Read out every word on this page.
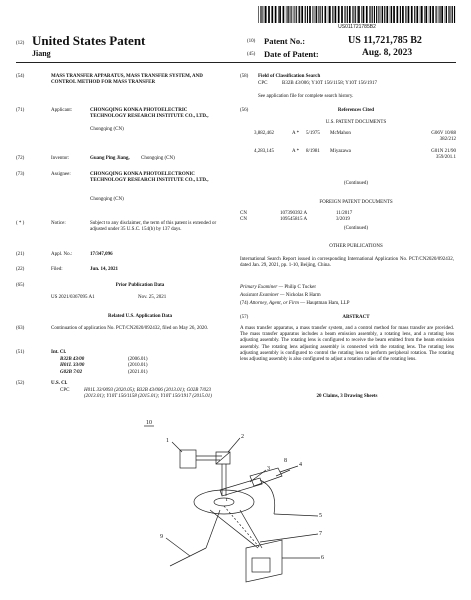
US011721785B2
(12) United States Patent
Jiang
(10) Patent No.:	US 11,721,785 B2
(45) Date of Patent:	Aug. 8, 2023
(54)	MASS TRANSFER APPARATUS, MASS TRANSFER SYSTEM, AND CONTROL METHOD FOR MASS TRANSFER
(71)	Applicant:	CHONGQING KONKA PHOTOELECTRIC TECHNOLOGY RESEARCH INSTITUTE CO., LTD.,
Chongqing (CN)
(72)	Inventor:	Guang Ping Jiang, Chongqing (CN)
(73)	Assignee:	CHONGQING KONKA PHOTOELECTRONIC TECHNOLOGY RESEARCH INSTITUTE CO., LTD.,
Chongqing (CN)
( * )	Notice:	Subject to any disclaimer, the term of this patent is extended or adjusted under 35 U.S.C. 154(b) by 137 days.
(21)	Appl. No.:	17/347,096
(22)	Filed:	Jun. 14, 2021
(65)	Prior Publication Data
US 2021/0367095 A1	Nov. 25, 2021
Related U.S. Application Data
(63)	Continuation of application No. PCT/CN2020/092432, filed on May 26, 2020.
(51)	Int. Cl.
B32B 43/00	(2006.01)
H01L 33/00	(2010.01)
G02B 7/02	(2021.01)
(52)	U.S. Cl.
CPC	H01L 33/0093 (2020.05); B32B 43/006 (2013.01); G02B 7/023 (2013.01); Y10T 156/1158 (2015.01); Y10T 156/1917 (2015.01)
(58) Field of Classification Search
CPC	B32B 43/006; Y10T 156/1158; Y10T 156/1917
See application file for complete search history.
(56)	References Cited
U.S. PATENT DOCUMENTS
3,882,462	A * 5/1975 McMahon	G06V 10/88
382/212
4,283,145	A * 8/1981 Miyazawa	G01N 21/90
359/201.1
(Continued)
FOREIGN PATENT DOCUMENTS
CN	107390392 A	11/2017
CN	109545815 A	3/2019
(Continued)
OTHER PUBLICATIONS
International Search Report issued in corresponding International Application No. PCT/CN2020/092432, dated Jan. 29, 2021, pp. 1-10, Beijing, China.
Primary Examiner — Philip C Tucker
Assistant Examiner — Nickolas R Harm
(74) Attorney, Agent, or Firm — Hauptman Ham, LLP
(57)	ABSTRACT
A mass transfer apparatus, a mass transfer system, and a control method for mass transfer are provided. The mass transfer apparatus includes a beam emission assembly, a rotating lens, and a rotating lens adjusting assembly. The rotating lens is configured to receive the beam emitted from the beam emission assembly. The rotating lens adjusting assembly is connected with the rotating lens. The rotating lens adjusting assembly is configured to control the rotating lens to perform peripheral rotation. The rotating lens adjusting assembly is also configured to adjust a rotation radius of the rotating lens.
20 Claims, 3 Drawing Sheets
10
r
1
2
3
4
5
6
7
8
9
